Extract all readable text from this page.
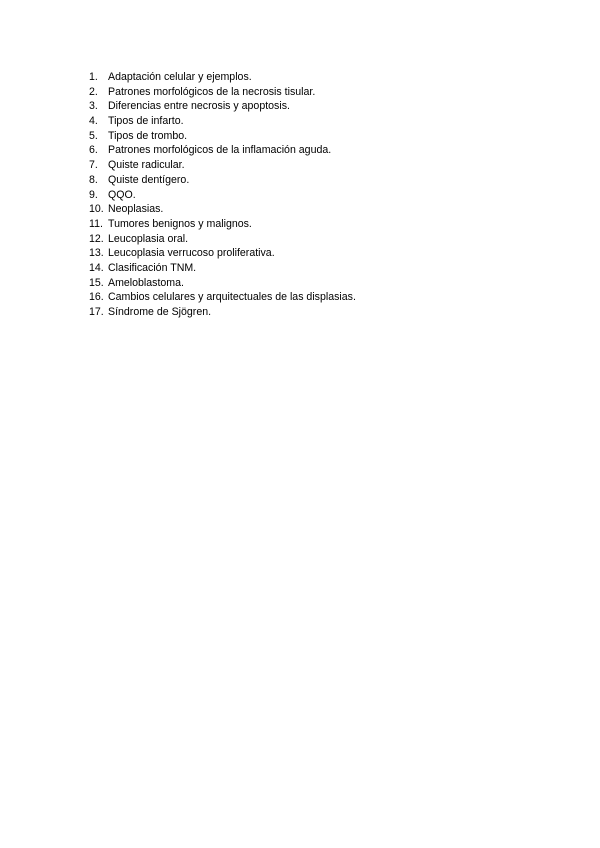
1. Adaptación celular y ejemplos.
2. Patrones morfológicos de la necrosis tisular.
3. Diferencias entre necrosis y apoptosis.
4. Tipos de infarto.
5. Tipos de trombo.
6. Patrones morfológicos de la inflamación aguda.
7. Quiste radicular.
8. Quiste dentígero.
9. QQO.
10. Neoplasias.
11. Tumores benignos y malignos.
12. Leucoplasia oral.
13. Leucoplasia verrucoso proliferativa.
14. Clasificación TNM.
15. Ameloblastoma.
16. Cambios celulares y arquitectuales de las displasias.
17. Síndrome de Sjögren.
